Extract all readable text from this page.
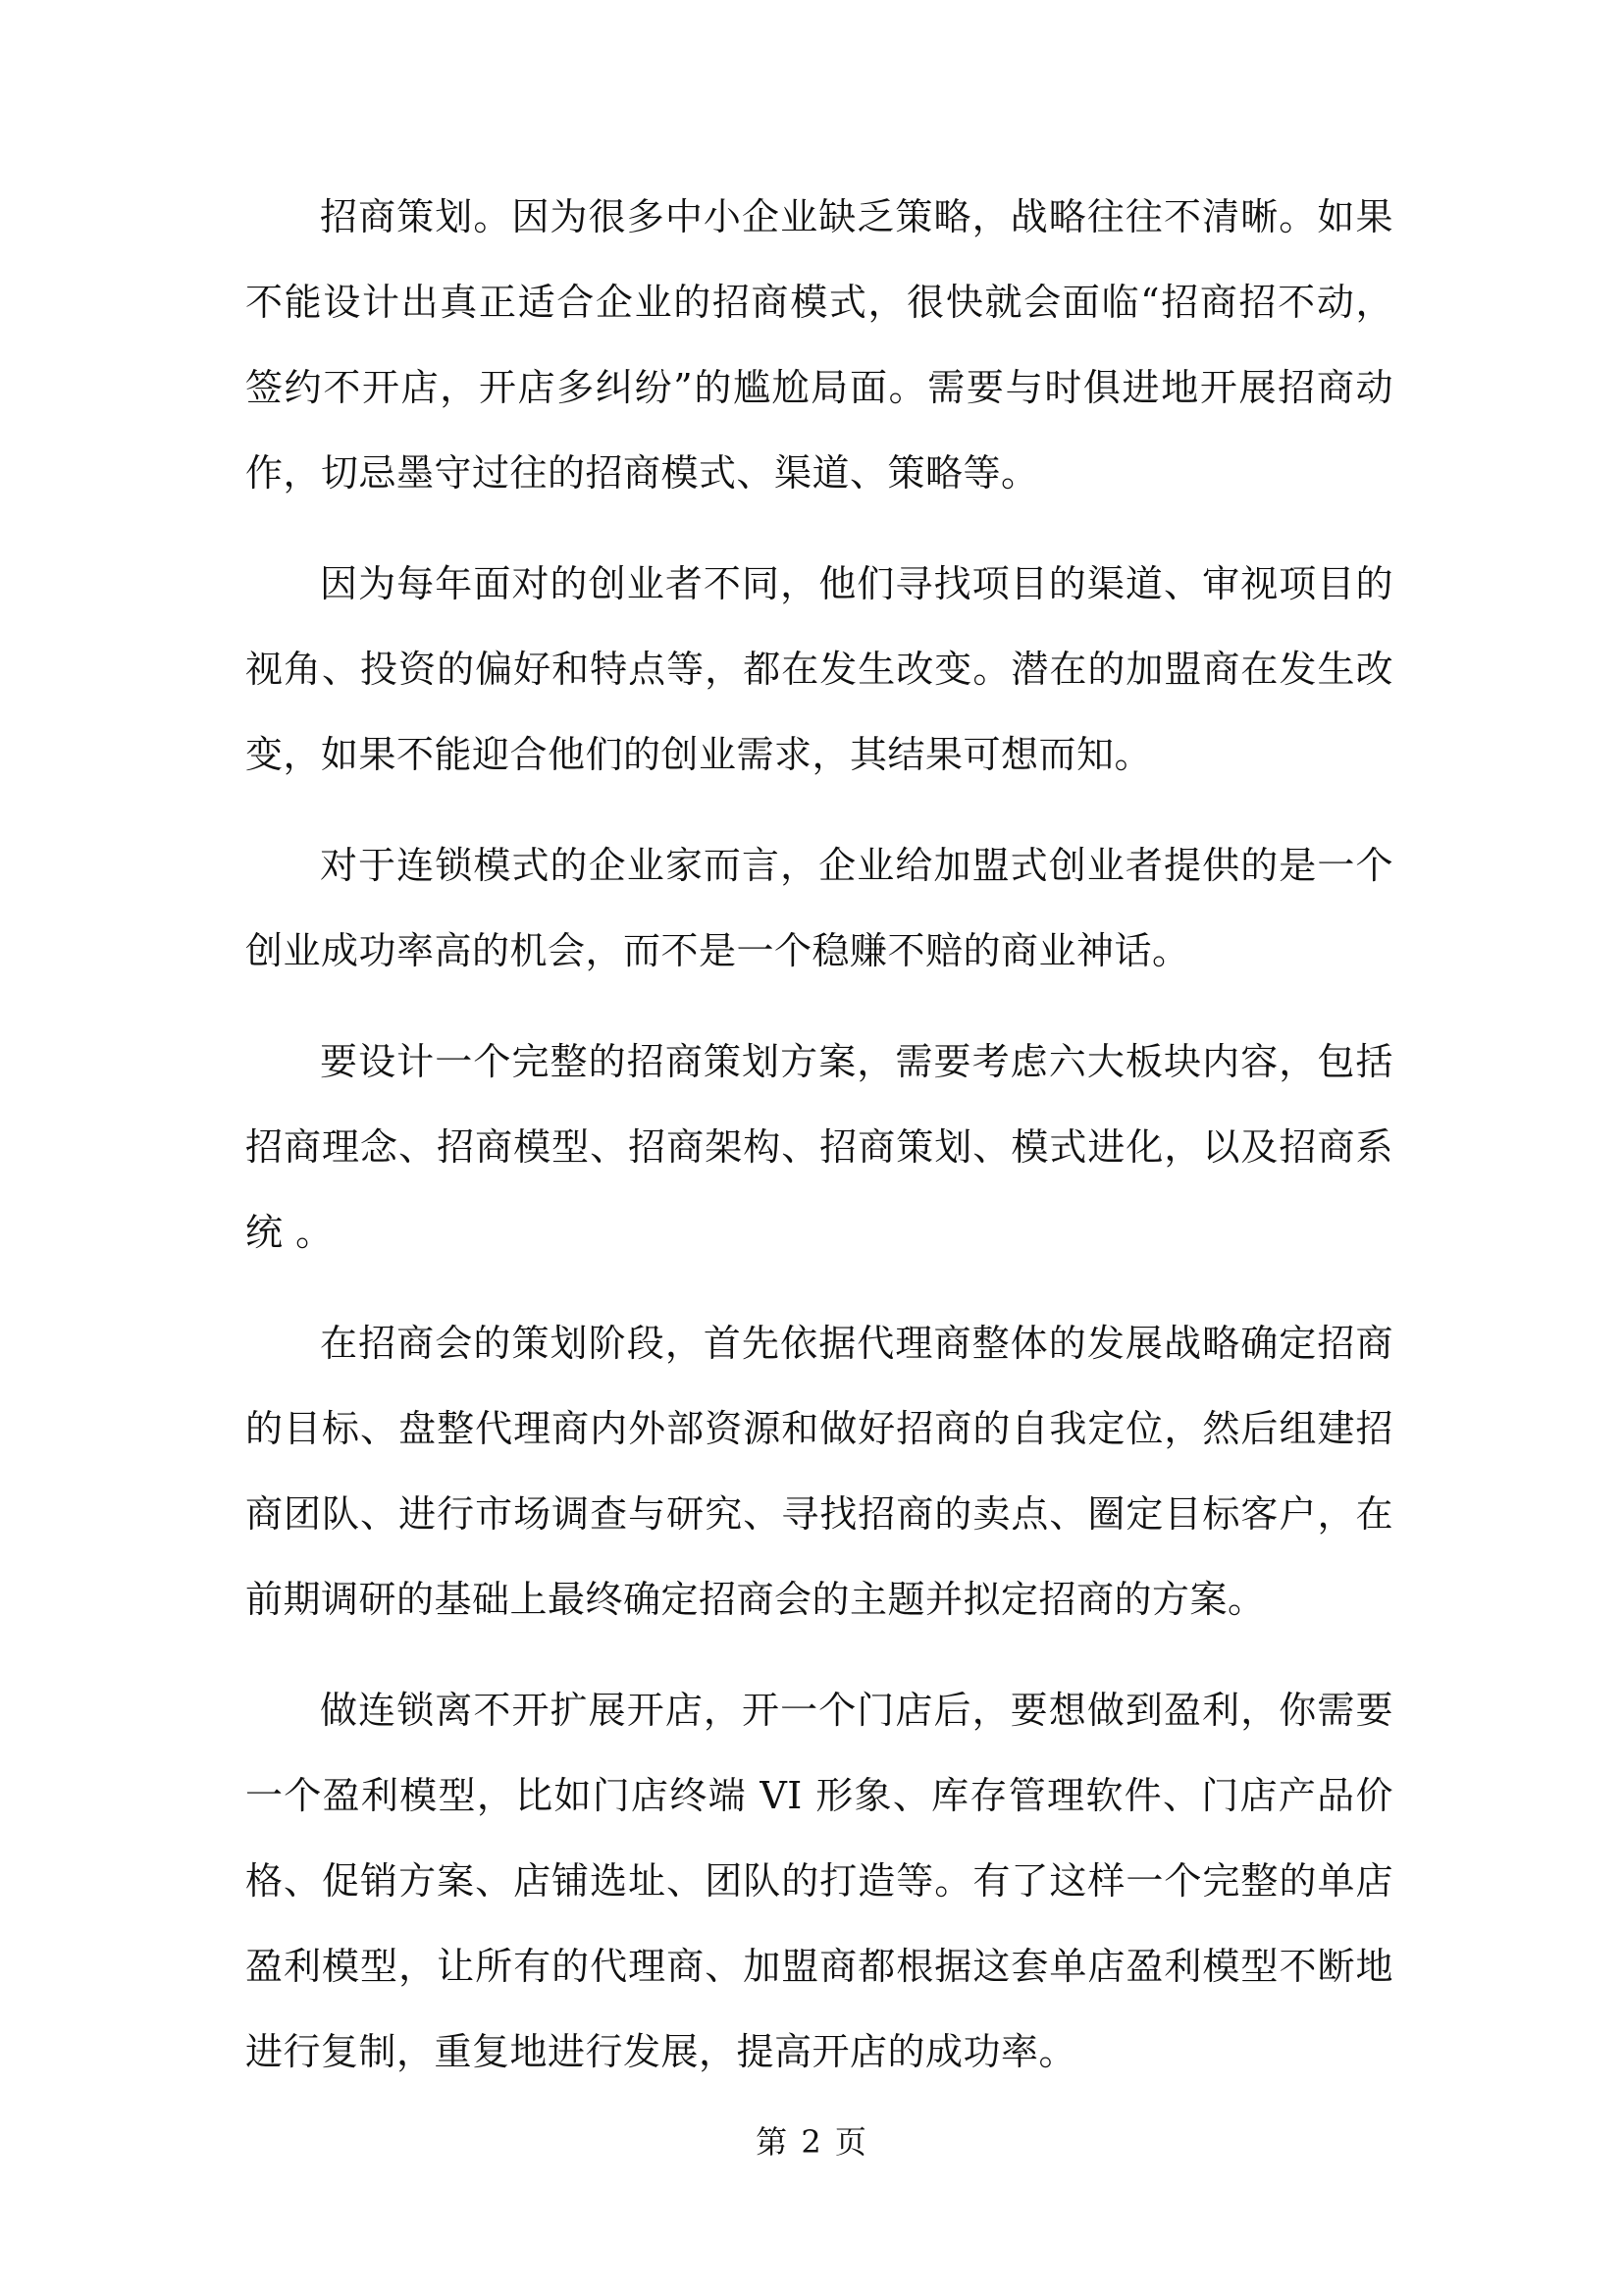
招商策划。因为很多中小企业缺乏策略，战略往往不清晰。如果不能设计出真正适合企业的招商模式，很快就会面临“招商招不动，签约不开店，开店多纠纷”的尴尬局面。需要与时俱进地开展招商动作，切忌墨守过往的招商模式、渠道、策略等。

因为每年面对的创业者不同，他们寻找项目的渠道、审视项目的视角、投资的偏好和特点等，都在发生改变。潜在的加盟商在发生改变，如果不能迎合他们的创业需求，其结果可想而知。

对于连锁模式的企业家而言，企业给加盟式创业者提供的是一个创业成功率高的机会，而不是一个稳赚不赔的商业神话。

要设计一个完整的招商策划方案，需要考虑六大板块内容，包括招商理念、招商模型、招商架构、招商策划、模式进化，以及招商系统 。

在招商会的策划阶段，首先依据代理商整体的发展战略确定招商的目标、盘整代理商内外部资源和做好招商的自我定位，然后组建招商团队、进行市场调查与研究、寻找招商的卖点、圈定目标客户，在前期调研的基础上最终确定招商会的主题并拟定招商的方案。

做连锁离不开扩展开店，开一个门店后，要想做到盈利，你需要一个盈利模型，比如门店终端 VI 形象、库存管理软件、门店产品价格、促销方案、店铺选址、团队的打造等。有了这样一个完整的单店盈利模型，让所有的代理商、加盟商都根据这套单店盈利模型不断地进行复制，重复地进行发展，提高开店的成功率。

第 2 页
